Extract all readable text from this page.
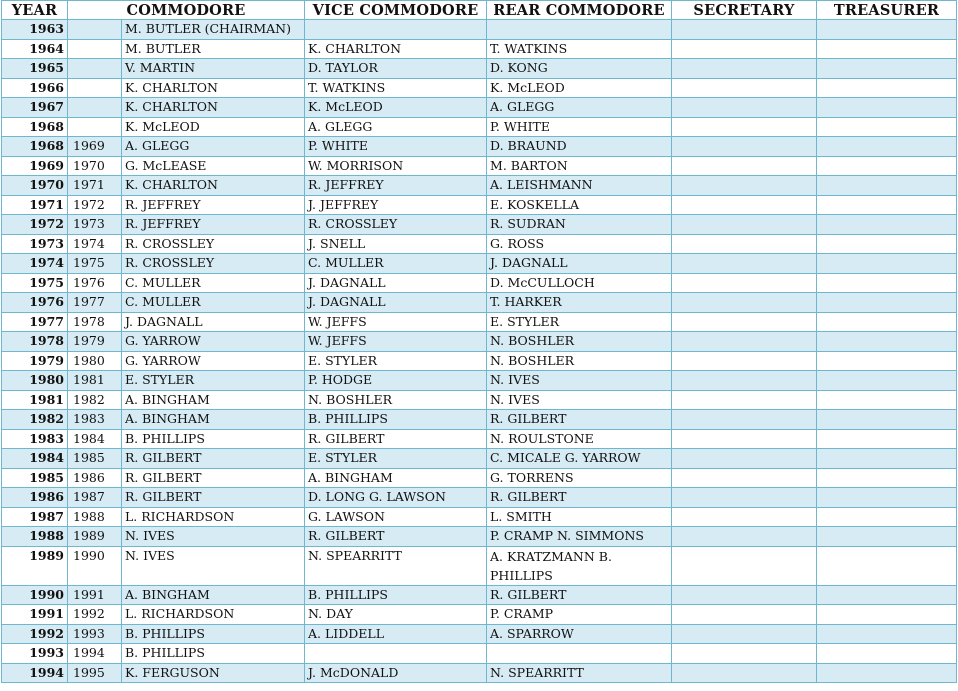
YEAR	COMMODORE		VICE COMMODORE	REAR COMMODORE	SECRETARY	TREASURER
1963		M. BUTLER (CHAIRMAN)				
1964		M. BUTLER	K. CHARLTON	T. WATKINS		
1965		V. MARTIN	D. TAYLOR	D. KONG		
1966		K. CHARLTON	T. WATKINS	K. McLEOD		
1967		K. CHARLTON	K. McLEOD	A. GLEGG		
1968		K. McLEOD	A. GLEGG	P. WHITE		
1968	1969	A. GLEGG	P. WHITE	D. BRAUND		
1969	1970	G. McLEASE	W. MORRISON	M. BARTON		
1970	1971	K. CHARLTON	R. JEFFREY	A. LEISHMANN		
1971	1972	R. JEFFREY	J. JEFFREY	E. KOSKELLA		
1972	1973	R. JEFFREY	R. CROSSLEY	R. SUDRAN		
1973	1974	R. CROSSLEY	J. SNELL	G. ROSS		
1974	1975	R. CROSSLEY	C. MULLER	J. DAGNALL		
1975	1976	C. MULLER	J. DAGNALL	D. McCULLOCH		
1976	1977	C. MULLER	J. DAGNALL	T. HARKER		
1977	1978	J. DAGNALL	W. JEFFS	E. STYLER		
1978	1979	G. YARROW	W. JEFFS	N. BOSHLER		
1979	1980	G. YARROW	E. STYLER	N. BOSHLER		
1980	1981	E. STYLER	P. HODGE	N. IVES		
1981	1982	A. BINGHAM	N. BOSHLER	N. IVES		
1982	1983	A. BINGHAM	B. PHILLIPS	R. GILBERT		
1983	1984	B. PHILLIPS	R. GILBERT	N. ROULSTONE		
1984	1985	R. GILBERT	E. STYLER	C. MICALE G. YARROW		
1985	1986	R. GILBERT	A. BINGHAM	G. TORRENS		
1986	1987	R. GILBERT	D. LONG G. LAWSON	R. GILBERT		
1987	1988	L. RICHARDSON	G. LAWSON	L. SMITH		
1988	1989	N. IVES	R. GILBERT	P. CRAMP N. SIMMONS		
1989	1990	N. IVES	N. SPEARRITT	A. KRATZMANN B. PHILLIPS		
1990	1991	A. BINGHAM	B. PHILLIPS	R. GILBERT		
1991	1992	L. RICHARDSON	N. DAY	P. CRAMP		
1992	1993	B. PHILLIPS	A. LIDDELL	A. SPARROW		
1993	1994	B. PHILLIPS				
1994	1995	K. FERGUSON	J. McDONALD	N. SPEARRITT		
